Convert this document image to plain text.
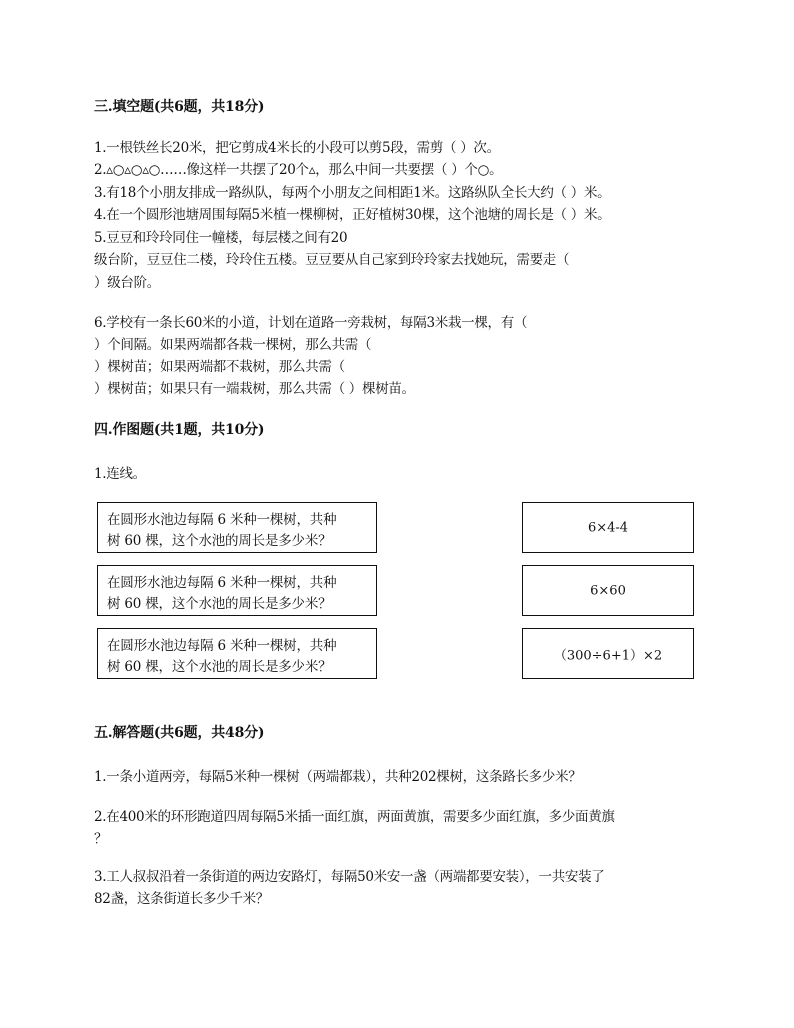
三.填空题(共6题，共18分)
1.一根铁丝长20米，把它剪成4米长的小段可以剪5段，需剪（ ）次。
2.▵○▵○▵○……像这样一共摆了20个▵，那么中间一共要摆（ ）个○。
3.有18个小朋友排成一路纵队，每两个小朋友之间相距1米。这路纵队全长大约（ ）米。
4.在一个圆形池塘周围每隔5米植一棵柳树，正好植树30棵，这个池塘的周长是（ ）米。
5.豆豆和玲玲同住一幢楼，每层楼之间有20
级台阶，豆豆住二楼，玲玲住五楼。豆豆要从自己家到玲玲家去找她玩，需要走（
）级台阶。
6.学校有一条长60米的小道，计划在道路一旁栽树，每隔3米栽一棵，有（
）个间隔。如果两端都各栽一棵树，那么共需（
）棵树苗；如果两端都不栽树，那么共需（
）棵树苗；如果只有一端栽树，那么共需（ ）棵树苗。
四.作图题(共1题，共10分)
1.连线。
在圆形水池边每隔 6 米种一棵树，共种
树 60 棵，这个水池的周长是多少米？
在圆形水池边每隔 6 米种一棵树，共种
树 60 棵，这个水池的周长是多少米？
在圆形水池边每隔 6 米种一棵树，共种
树 60 棵，这个水池的周长是多少米？
6×4-4
6×60
（300÷6+1）×2
五.解答题(共6题，共48分)
1.一条小道两旁，每隔5米种一棵树（两端都栽），共种202棵树，这条路长多少米？
2.在400米的环形跑道四周每隔5米插一面红旗，两面黄旗，需要多少面红旗，多少面黄旗
？
3.工人叔叔沿着一条街道的两边安路灯，每隔50米安一盏（两端都要安装），一共安装了
82盏，这条街道长多少千米？
